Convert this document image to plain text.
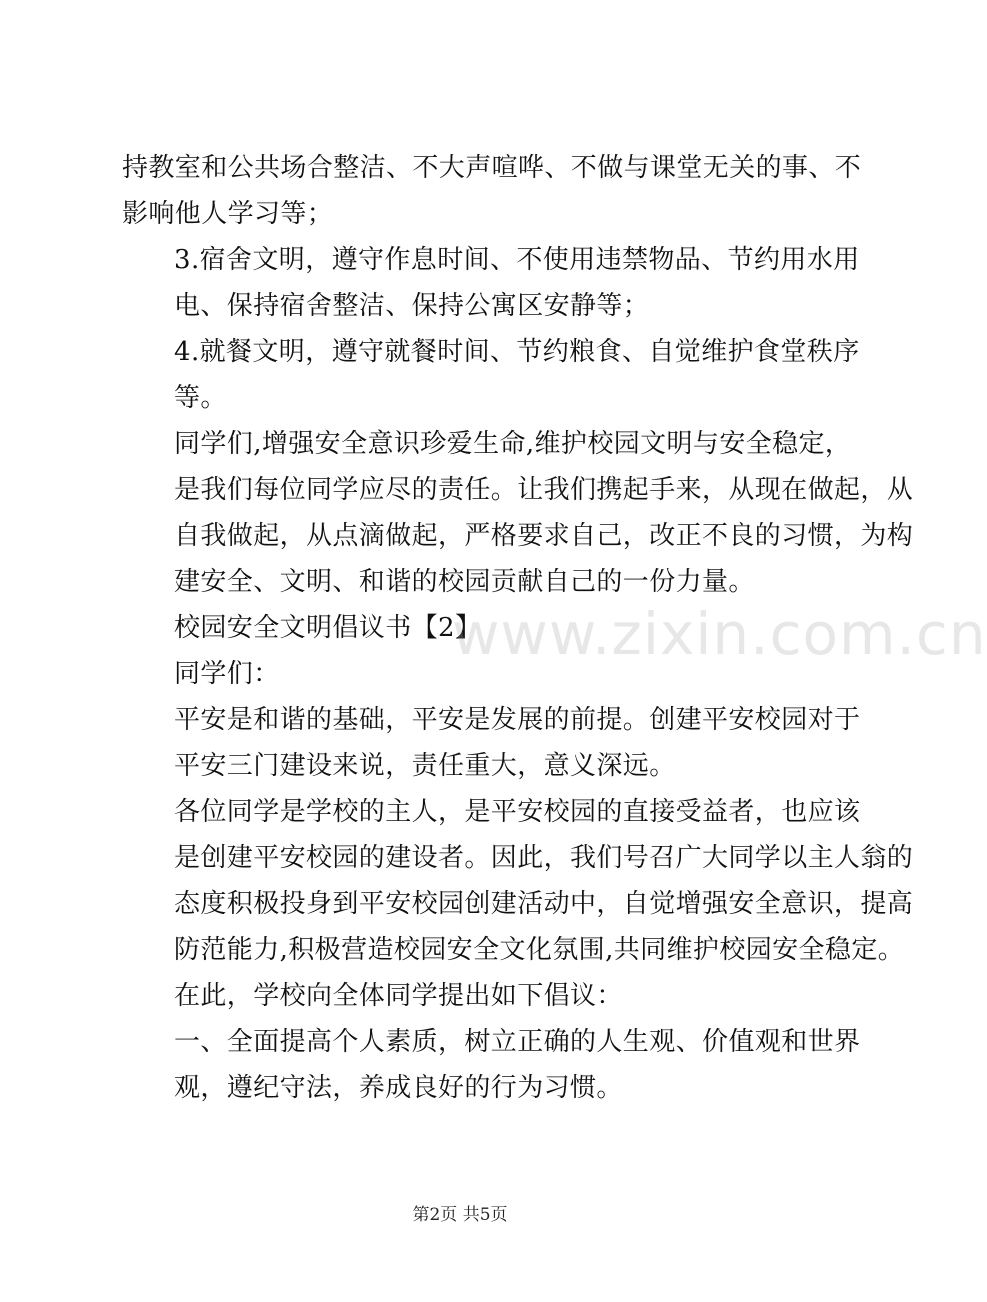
持教室和公共场合整洁、不大声喧哗、不做与课堂无关的事、不
影响他人学习等；

3.宿舍文明，遵守作息时间、不使用违禁物品、节约用水用
电、保持宿舍整洁、保持公寓区安静等；

4.就餐文明，遵守就餐时间、节约粮食、自觉维护食堂秩序
等。

同学们,增强安全意识珍爱生命,维护校园文明与安全稳定，
是我们每位同学应尽的责任。让我们携起手来，从现在做起，从
自我做起，从点滴做起，严格要求自己，改正不良的习惯，为构
建安全、文明、和谐的校园贡献自己的一份力量。

校园安全文明倡议书【2】

同学们：

平安是和谐的基础，平安是发展的前提。创建平安校园对于
平安三门建设来说，责任重大，意义深远。

各位同学是学校的主人，是平安校园的直接受益者，也应该
是创建平安校园的建设者。因此，我们号召广大同学以主人翁的
态度积极投身到平安校园创建活动中，自觉增强安全意识，提高
防范能力,积极营造校园安全文化氛围,共同维护校园安全稳定。
在此，学校向全体同学提出如下倡议：

一、全面提高个人素质，树立正确的人生观、价值观和世界
观，遵纪守法，养成良好的行为习惯。

www.zixin.com.cn
第2页 共5页
